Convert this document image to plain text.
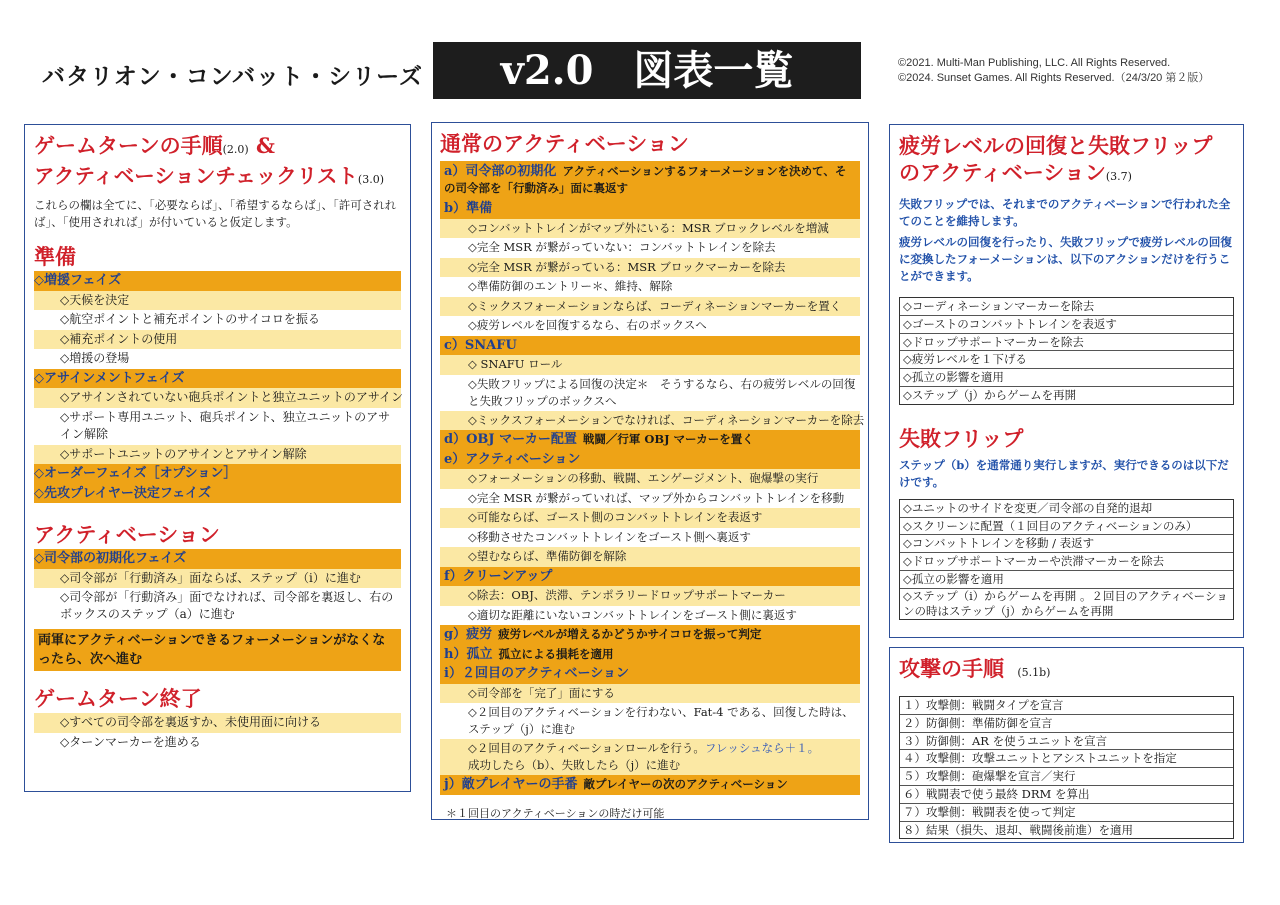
バタリオン・コンバット・シリーズ	v2.0　図表一覧	©2021. Multi-Man Publishing, LLC. All Rights Reserved.
©2024. Sunset Games. All Rights Reserved.（24/3/20 第２版）
ゲームターンの手順(2.0) &
アクティベーションチェックリスト(3.0)

これらの欄は全てに、「必要ならば」、「希望するならば」、「許可されれば」、「使用されれば」が付いていると仮定します。

準備
◇増援フェイズ
◇天候を決定
◇航空ポイントと補充ポイントのサイコロを振る
◇補充ポイントの使用
◇増援の登場
◇アサインメントフェイズ
◇アサインされていない砲兵ポイントと独立ユニットのアサイン
◇サポート専用ユニット、砲兵ポイント、独立ユニットのアサイン解除
◇サポートユニットのアサインとアサイン解除
◇オーダーフェイズ［オプション］
◇先攻プレイヤー決定フェイズ
アクティベーション
◇司令部の初期化フェイズ
◇司令部が「行動済み」面ならば、ステップ（i）に進む
◇司令部が「行動済み」面でなければ、司令部を裏返し、右のボックスのステップ（a）に進む
両軍にアクティベーションできるフォーメーションがなくなったら、次へ進む
ゲームターン終了
◇すべての司令部を裏返すか、未使用面に向ける
◇ターンマーカーを進める
通常のアクティベーション
a）司令部の初期化 アクティベーションするフォーメーションを決めて、その司令部を「行動済み」面に裏返す
b）準備
◇コンバットトレインがマップ外にいる：MSR ブロックレベルを増減
◇完全 MSR が繋がっていない：コンバットトレインを除去
◇完全 MSR が繋がっている：MSR ブロックマーカーを除去
◇準備防御のエントリー＊、維持、解除
◇ミックスフォーメーションならば、コーディネーションマーカーを置く
◇疲労レベルを回復するなら、右のボックスへ
c）SNAFU
◇ SNAFU ロール
◇失敗フリップによる回復の決定＊　そうするなら、右の疲労レベルの回復と失敗フリップのボックスへ
◇ミックスフォーメーションでなければ、コーディネーションマーカーを除去
d）OBJ マーカー配置 戦闘／行軍 OBJ マーカーを置く
e）アクティベーション
◇フォーメーションの移動、戦闘、エンゲージメント、砲爆撃の実行
◇完全 MSR が繋がっていれば、マップ外からコンバットトレインを移動
◇可能ならば、ゴースト側のコンバットトレインを表返す
◇移動させたコンバットトレインをゴースト側へ裏返す
◇望むならば、準備防御を解除
f）クリーンアップ
◇除去：OBJ、渋滞、テンポラリードロップサポートマーカー
◇適切な距離にいないコンバットトレインをゴースト側に裏返す
g）疲労 疲労レベルが増えるかどうかサイコロを振って判定
h）孤立 孤立による損耗を適用
i）２回目のアクティベーション
◇司令部を「完了」面にする
◇２回目のアクティベーションを行わない、Fat-4 である、回復した時は、ステップ（j）に進む
◇２回目のアクティベーションロールを行う。フレッシュなら＋１。
成功したら（b）、失敗したら（j）に進む
j）敵プレイヤーの手番 敵プレイヤーの次のアクティベーション
＊１回目のアクティベーションの時だけ可能
疲労レベルの回復と失敗フリップ
のアクティベーション(3.7)

失敗フリップでは、それまでのアクティベーションで行われた全てのことを維持します。

疲労レベルの回復を行ったり、失敗フリップで疲労レベルの回復に変換したフォーメーションは、以下のアクションだけを行うことができます。

◇コーディネーションマーカーを除去
◇ゴーストのコンバットトレインを表返す
◇ドロップサポートマーカーを除去
◇疲労レベルを１下げる
◇孤立の影響を適用
◇ステップ（j）からゲームを再開
失敗フリップ

ステップ（b）を通常通り実行しますが、実行できるのは以下だけです。

◇ユニットのサイドを変更／司令部の自発的退却
◇スクリーンに配置（１回目のアクティベーションのみ）
◇コンバットトレインを移動 / 表返す
◇ドロップサポートマーカーや渋滞マーカーを除去
◇孤立の影響を適用
◇ステップ（i）からゲームを再開 。２回目のアクティベーションの時はステップ（j）からゲームを再開
攻撃の手順 (5.1b)
１）攻撃側：戦闘タイプを宣言
２）防御側：準備防御を宣言
３）防御側：AR を使うユニットを宣言
４）攻撃側：攻撃ユニットとアシストユニットを指定
５）攻撃側：砲爆撃を宣言／実行
６）戦闘表で使う最終 DRM を算出
７）攻撃側：戦闘表を使って判定
８）結果（損失、退却、戦闘後前進）を適用
